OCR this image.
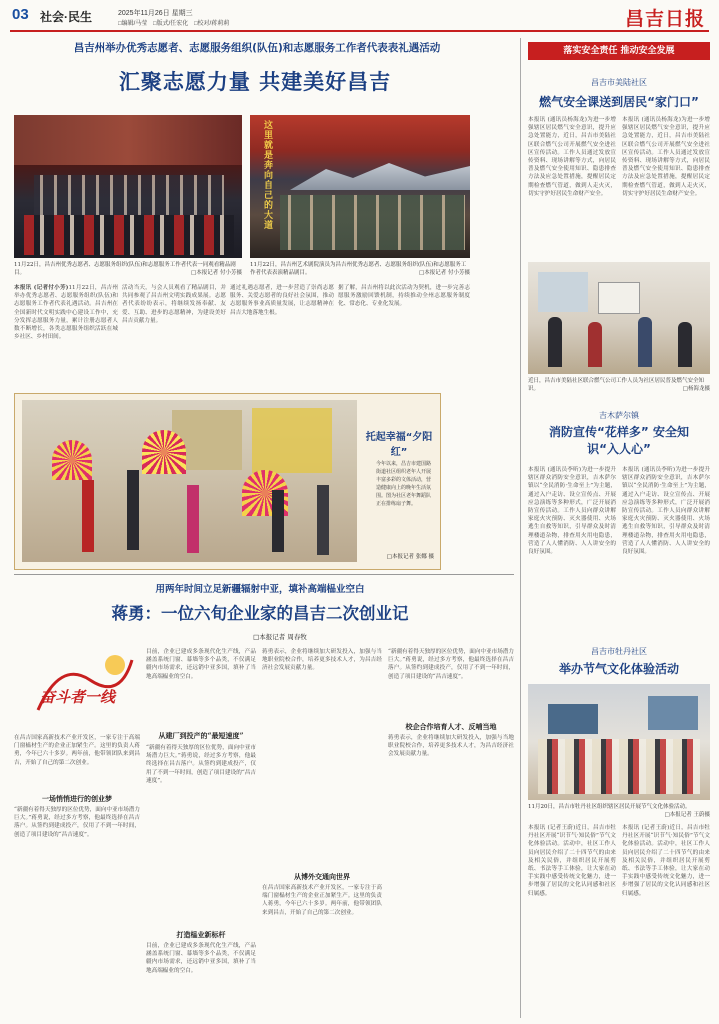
03 社会·民生	2025年11月26日 星期三
□编辑/马莹 □版式/任宏化 □校对/蒋莉莉	昌吉日报
昌吉州举办优秀志愿者、志愿服务组织(队伍)和志愿服务工作者代表表礼遇活动
汇聚志愿力量 共建美好昌吉
11月22日，昌吉州优秀志愿者、志愿服务组织(队伍)和志愿服务工作者代表一同观看精品剧目。	□本报记者 付小芳摄
这里就是奔向自己的大道
11月22日，昌吉州艺术剧院演员为昌吉州优秀志愿者、志愿服务组织(队伍)和志愿服务工作者代表表演精品剧目。	□本报记者 付小芳摄
本报讯 (记者付小芳)11月22日，昌吉州举办优秀志愿者、志愿服务组织(队伍)和志愿服务工作者代表礼遇活动。昌吉州在全国新时代文明实践中心建设工作中，充分发挥志愿服务力量，累计注册志愿者人数不断增长，各类志愿服务组织活跃在城乡社区、乡村田间。
活动当天，与会人员观看了精品剧目，并共同参观了昌吉州文明实践成果展。志愿者代表纷纷表示，将继续发扬奉献、友爱、互助、进步的志愿精神，为建设美好昌吉贡献力量。
通过礼遇志愿者，进一步营造了崇尚志愿服务、关爱志愿者的良好社会氛围，推动志愿服务事业高质量发展，让志愿精神在昌吉大地落地生根。
据了解，昌吉州将以此次活动为契机，进一步完善志愿服务激励回馈机制，持续推动全州志愿服务制度化、常态化、专业化发展。
托起幸福“夕阳红”
今年以来，昌吉市建国路街道社区组织老年人开展丰富多彩的文体活动，营造健康向上的晚年生活氛围。图为社区老年舞蹈队正在排练扇子舞。
□本报记者 张娜 摄
用两年时间立足新疆辐射中亚，填补高端榀业空白
蒋勇：一位六旬企业家的昌吉二次创业记
□本报记者 周春牧
奋斗者一线
在昌吉国家高新技术产业开发区，一家专注于高端门窗榀材生产的企业正加紧生产。这里的负责人蒋勇，今年已六十多岁。两年前，他带领团队来到昌吉，开始了自己的第二次创业。
一场悄悄进行的创业梦
“新疆有着得天独厚的区位优势，面向中亚市场潜力巨大。”蒋勇说，经过多方考察，他最终选择在昌吉落户。从签约到建成投产，仅用了不到一年时间，创造了项目建设的“昌吉速度”。
目前，企业已建成多条现代化生产线，产品涵盖系统门窗、幕墙等多个品类，不仅满足疆内市场需求，还远销中亚多国，填补了当地高端榀业的空白。
从建厂到投产的“最短速度”
“新疆有着得天独厚的区位优势，面向中亚市场潜力巨大。”蒋勇说，经过多方考察，他最终选择在昌吉落户。从签约到建成投产，仅用了不到一年时间，创造了项目建设的“昌吉速度”。
打造榀业新标杆
目前，企业已建成多条现代化生产线，产品涵盖系统门窗、幕墙等多个品类，不仅满足疆内市场需求，还远销中亚多国，填补了当地高端榀业的空白。
蒋勇表示，企业将继续加大研发投入，加强与当地职业院校合作，培养更多技术人才，为昌吉经济社会发展贡献力量。
从博外交通向世界
在昌吉国家高新技术产业开发区，一家专注于高端门窗榀材生产的企业正加紧生产。这里的负责人蒋勇，今年已六十多岁。两年前，他带领团队来到昌吉，开始了自己的第二次创业。
“新疆有着得天独厚的区位优势，面向中亚市场潜力巨大。”蒋勇说，经过多方考察，他最终选择在昌吉落户。从签约到建成投产，仅用了不到一年时间，创造了项目建设的“昌吉速度”。
校企合作培育人才、反哺当地
蒋勇表示，企业将继续加大研发投入，加强与当地职业院校合作，培养更多技术人才，为昌吉经济社会发展贡献力量。
落实安全责任 推动安全发展
昌吉市美陆社区
燃气安全课送到居民“家门口”
本报讯 (通讯员杨海龙)为进一步增强辖区居民燃气安全意识，提升应急处置能力，近日，昌吉市美陆社区联合燃气公司开展燃气安全进社区宣传活动。工作人员通过发放宣传资料、现场讲解等方式，向居民普及燃气安全使用知识、隐患排查方法及应急处置措施，提醒居民定期检查燃气管道，做到人走火灭，切实守护好居民生命财产安全。
本报讯 (通讯员杨海龙)为进一步增强辖区居民燃气安全意识，提升应急处置能力，近日，昌吉市美陆社区联合燃气公司开展燃气安全进社区宣传活动。工作人员通过发放宣传资料、现场讲解等方式，向居民普及燃气安全使用知识、隐患排查方法及应急处置措施，提醒居民定期检查燃气管道，做到人走火灭，切实守护好居民生命财产安全。
近日，昌吉市美陆社区联合燃气公司工作人员为社区居民普及燃气安全知识。	□杨海龙摄
吉木萨尔镇
消防宣传“花样多” 安全知识“入人心”
本报讯 (通讯员李昕)为进一步提升辖区群众消防安全意识，吉木萨尔镇以“全民消防·生命至上”为主题，通过入户走访、设立宣传点、开展应急演练等多种形式，广泛开展消防宣传活动。工作人员向群众讲解家庭火灾预防、灭火器使用、火场逃生自救等知识，引导群众及时清理楼道杂物，排查用火用电隐患，营造了人人懂消防、人人讲安全的良好氛围。
本报讯 (通讯员李昕)为进一步提升辖区群众消防安全意识，吉木萨尔镇以“全民消防·生命至上”为主题，通过入户走访、设立宣传点、开展应急演练等多种形式，广泛开展消防宣传活动。工作人员向群众讲解家庭火灾预防、灭火器使用、火场逃生自救等知识，引导群众及时清理楼道杂物，排查用火用电隐患，营造了人人懂消防、人人讲安全的良好氛围。
昌吉市牡丹社区
举办节气文化体验活动
11月20日，昌吉市牡丹社区组织辖区居民开展节气文化体验活动。
□本报记者 王蔚摄
本报讯 (记者王蔚)近日，昌吉市牡丹社区开展“识节气·知民俗”节气文化体验活动。活动中，社区工作人员向居民介绍了二十四节气的由来及相关民俗，并组织居民开展剪纸、书法等手工体验，让大家在动手实践中感受传统文化魅力，进一步增强了居民的文化认同感和社区归属感。
本报讯 (记者王蔚)近日，昌吉市牡丹社区开展“识节气·知民俗”节气文化体验活动。活动中，社区工作人员向居民介绍了二十四节气的由来及相关民俗，并组织居民开展剪纸、书法等手工体验，让大家在动手实践中感受传统文化魅力，进一步增强了居民的文化认同感和社区归属感。
